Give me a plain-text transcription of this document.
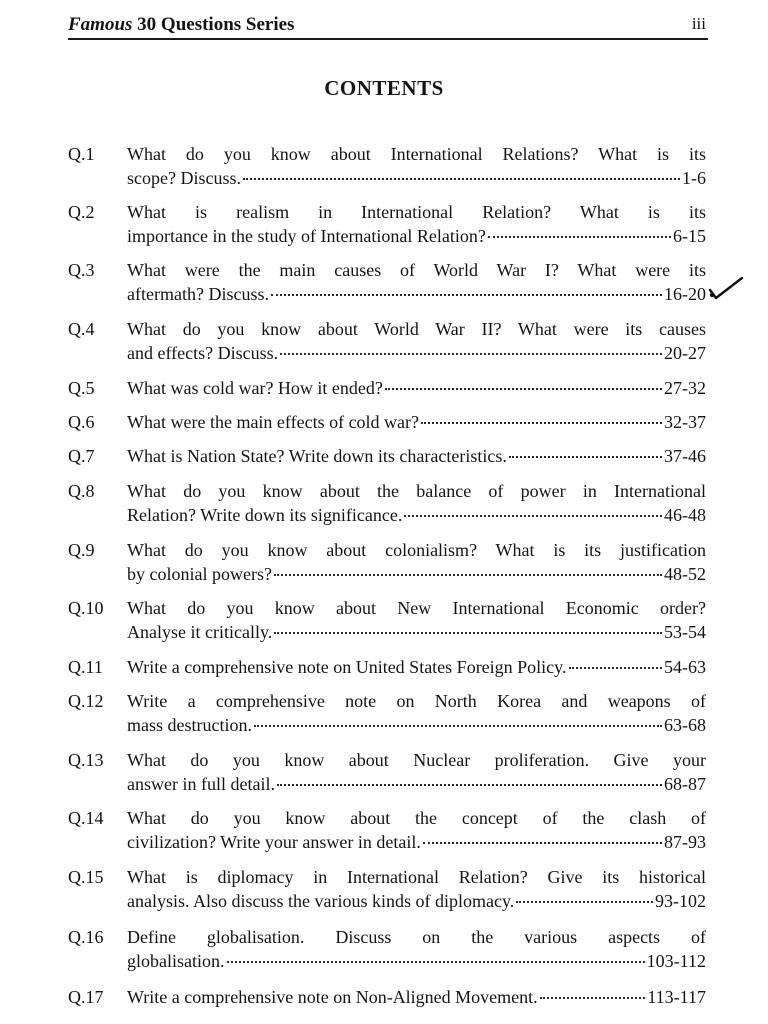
Famous 30 Questions Series	iii
CONTENTS
Q.1	What do you know about International Relations? What is its
scope? Discuss.	1-6
Q.2	What is realism in International Relation? What is its
importance in the study of International Relation?	6-15
Q.3	What were the main causes of World War I? What were its
aftermath? Discuss.	16-20
Q.4	What do you know about World War II? What were its causes
and effects? Discuss.	20-27
Q.5	What was cold war? How it ended?	27-32
Q.6	What were the main effects of cold war?	32-37
Q.7	What is Nation State? Write down its characteristics.	37-46
Q.8	What do you know about the balance of power in International
Relation? Write down its significance.	46-48
Q.9	What do you know about colonialism? What is its justification
by colonial powers?	48-52
Q.10	What do you know about New International Economic order?
Analyse it critically.	53-54
Q.11	Write a comprehensive note on United States Foreign Policy.	54-63
Q.12	Write a comprehensive note on North Korea and weapons of
mass destruction.	63-68
Q.13	What do you know about Nuclear proliferation. Give your
answer in full detail.	68-87
Q.14	What do you know about the concept of the clash of
civilization? Write your answer in detail.	87-93
Q.15	What is diplomacy in International Relation? Give its historical
analysis. Also discuss the various kinds of diplomacy.	93-102
Q.16	Define globalisation. Discuss on the various aspects of
globalisation.	103-112
Q.17	Write a comprehensive note on Non-Aligned Movement.	113-117
